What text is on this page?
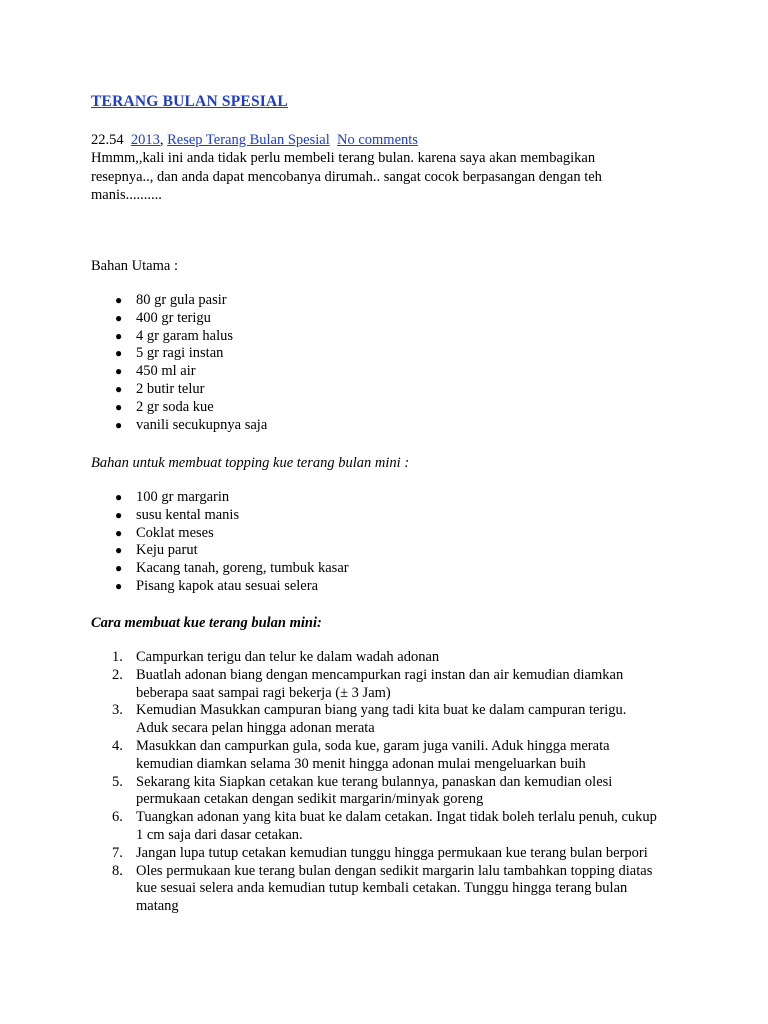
TERANG BULAN SPESIAL
22.54 2013, Resep Terang Bulan Spesial No comments
Hmmm,,kali ini anda tidak perlu membeli terang bulan. karena saya akan membagikan
resepnya.., dan anda dapat mencobanya dirumah.. sangat cocok berpasangan dengan teh
manis..........
Bahan Utama :
● 80 gr gula pasir
● 400 gr terigu
● 4 gr garam halus
● 5 gr ragi instan
● 450 ml air
● 2 butir telur
● 2 gr soda kue
● vanili secukupnya saja
Bahan untuk membuat topping kue terang bulan mini :
● 100 gr margarin
● susu kental manis
● Coklat meses
● Keju parut
● Kacang tanah, goreng, tumbuk kasar
● Pisang kapok atau sesuai selera
Cara membuat kue terang bulan mini:
1. Campurkan terigu dan telur ke dalam wadah adonan
2. Buatlah adonan biang dengan mencampurkan ragi instan dan air kemudian diamkan
beberapa saat sampai ragi bekerja (± 3 Jam)
3. Kemudian Masukkan campuran biang yang tadi kita buat ke dalam campuran terigu.
Aduk secara pelan hingga adonan merata
4. Masukkan dan campurkan gula, soda kue, garam juga vanili. Aduk hingga merata
kemudian diamkan selama 30 menit hingga adonan mulai mengeluarkan buih
5. Sekarang kita Siapkan cetakan kue terang bulannya, panaskan dan kemudian olesi
permukaan cetakan dengan sedikit margarin/minyak goreng
6. Tuangkan adonan yang kita buat ke dalam cetakan. Ingat tidak boleh terlalu penuh, cukup
1 cm saja dari dasar cetakan.
7. Jangan lupa tutup cetakan kemudian tunggu hingga permukaan kue terang bulan berpori
8. Oles permukaan kue terang bulan dengan sedikit margarin lalu tambahkan topping diatas
kue sesuai selera anda kemudian tutup kembali cetakan. Tunggu hingga terang bulan
matang
